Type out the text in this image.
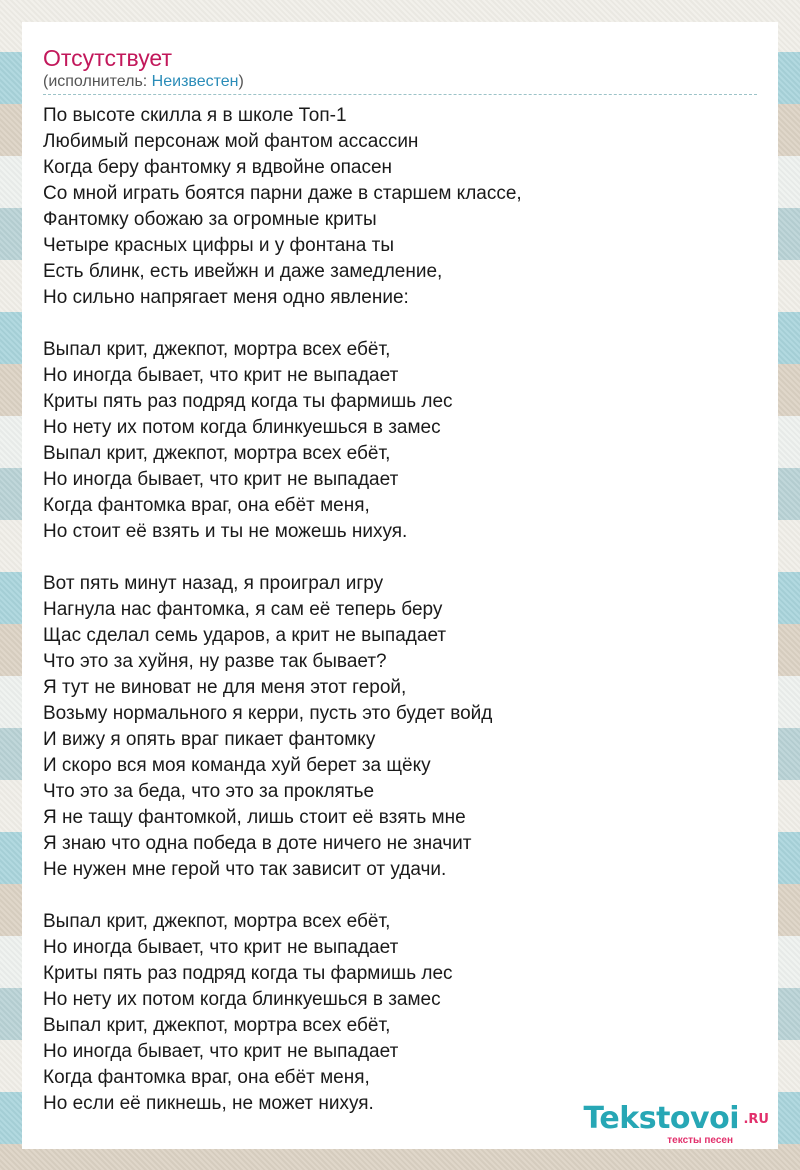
Отсутствует
(исполнитель: Неизвестен)
По высоте скилла я в школе Топ-1
Любимый персонаж мой фантом ассассин
Когда беру фантомку я вдвойне опасен
Со мной играть боятся парни даже в старшем классе,
Фантомку обожаю за огромные криты
Четыре красных цифры и у фонтана ты
Есть блинк, есть ивейжн и даже замедление,
Но сильно напрягает меня одно явление:
Выпал крит, джекпот, мортра всех ебёт,
Но иногда бывает, что крит не выпадает
Криты пять раз подряд когда ты фармишь лес
Но нету их потом когда блинкуешься в замес
Выпал крит, джекпот, мортра всех ебёт,
Но иногда бывает, что крит не выпадает
Когда фантомка враг, она ебёт меня,
Но стоит её взять и ты не можешь нихуя.
Вот пять минут назад, я проиграл игру
Нагнула нас фантомка, я сам её теперь беру
Щас сделал семь ударов, а крит не выпадает
Что это за хуйня, ну разве так бывает?
Я тут не виноват не для меня этот герой,
Возьму нормального я керри, пусть это будет войд
И вижу я опять враг пикает фантомку
И скоро вся моя команда хуй берет за щёку
Что это за беда, что это за проклятье
Я не тащу фантомкой, лишь стоит её взять мне
Я знаю что одна победа в доте ничего не значит
Не нужен мне герой что так зависит от удачи.
Выпал крит, джекпот, мортра всех ебёт,
Но иногда бывает, что крит не выпадает
Криты пять раз подряд когда ты фармишь лес
Но нету их потом когда блинкуешься в замес
Выпал крит, джекпот, мортра всех ебёт,
Но иногда бывает, что крит не выпадает
Когда фантомка враг, она ебёт меня,
Но если её пикнешь, не может нихуя.	Tekstovoi .RU
тексты песен
